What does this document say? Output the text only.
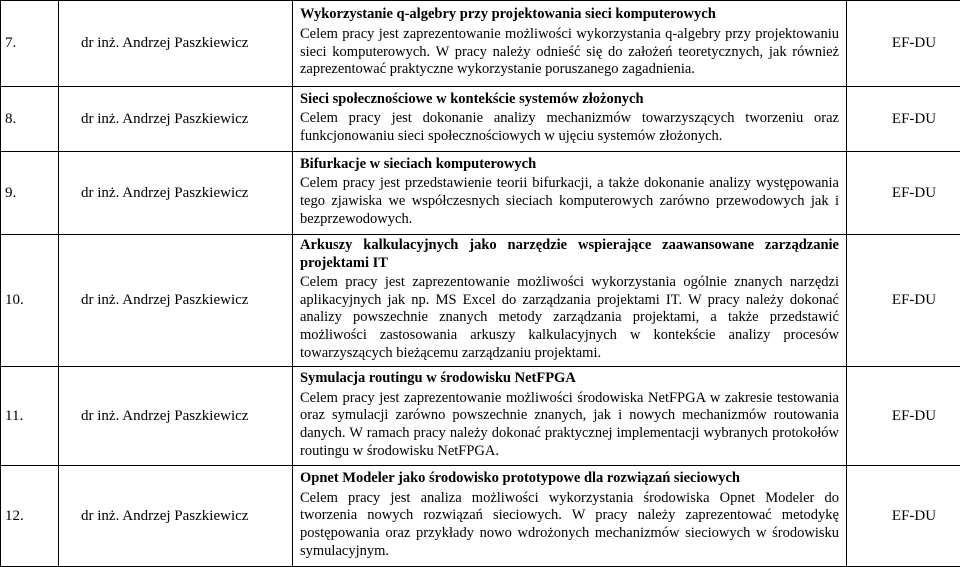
7.	dr inż. Andrzej Paszkiewicz	Wykorzystanie q-algebry przy projektowania sieci komputerowych
Celem pracy jest zaprezentowanie możliwości wykorzystania q-algebry przy projektowaniu sieci komputerowych. W pracy należy odnieść się do założeń teoretycznych, jak również zaprezentować praktyczne wykorzystanie poruszanego zagadnienia.	EF-DU
8.	dr inż. Andrzej Paszkiewicz	Sieci społecznościowe w kontekście systemów złożonych
Celem pracy jest dokonanie analizy mechanizmów towarzyszących tworzeniu oraz funkcjonowaniu sieci społecznościowych w ujęciu systemów złożonych.	EF-DU
9.	dr inż. Andrzej Paszkiewicz	Bifurkacje w sieciach komputerowych
Celem pracy jest przedstawienie teorii bifurkacji, a także dokonanie analizy występowania tego zjawiska we współczesnych sieciach komputerowych zarówno przewodowych jak i bezprzewodowych.	EF-DU
10.	dr inż. Andrzej Paszkiewicz	Arkuszy kalkulacyjnych jako narzędzie wspierające zaawansowane zarządzanie projektami IT
Celem pracy jest zaprezentowanie możliwości wykorzystania ogólnie znanych narzędzi aplikacyjnych jak np. MS Excel do zarządzania projektami IT. W pracy należy dokonać analizy powszechnie znanych metody zarządzania projektami, a także przedstawić możliwości zastosowania arkuszy kalkulacyjnych w kontekście analizy procesów towarzyszących bieżącemu zarządzaniu projektami.	EF-DU
11.	dr inż. Andrzej Paszkiewicz	Symulacja routingu w środowisku NetFPGA
Celem pracy jest zaprezentowanie możliwości środowiska NetFPGA w zakresie testowania oraz symulacji zarówno powszechnie znanych, jak i nowych mechanizmów routowania danych. W ramach pracy należy dokonać praktycznej implementacji wybranych protokołów routingu w środowisku NetFPGA.	EF-DU
12.	dr inż. Andrzej Paszkiewicz	Opnet Modeler jako środowisko prototypowe dla rozwiązań sieciowych
Celem pracy jest analiza możliwości wykorzystania środowiska Opnet Modeler do tworzenia nowych rozwiązań sieciowych. W pracy należy zaprezentować metodykę postępowania oraz przykłady nowo wdrożonych mechanizmów sieciowych w środowisku symulacyjnym.	EF-DU
